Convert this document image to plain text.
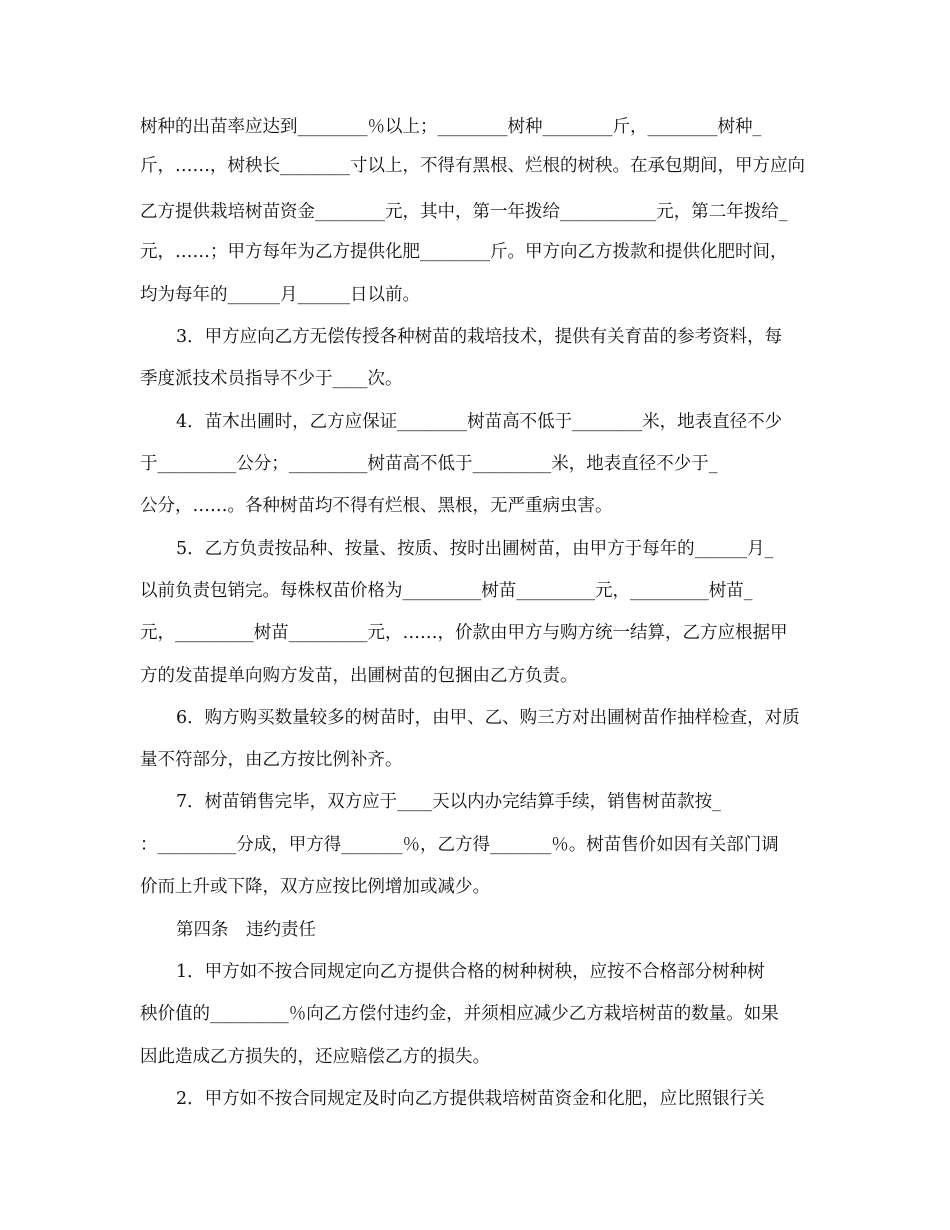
树种的出苗率应达到________％以上；________树种________斤，________树种_

斤，……，树秧长________寸以上，不得有黑根、烂根的树秧。在承包期间，甲方应向

乙方提供栽培树苗资金________元，其中，第一年拨给___________元，第二年拨给_

元，……；甲方每年为乙方提供化肥________斤。甲方向乙方拨款和提供化肥时间，

均为每年的______月______日以前。

3．甲方应向乙方无偿传授各种树苗的栽培技术，提供有关育苗的参考资料，每

季度派技术员指导不少于____次。

4．苗木出圃时，乙方应保证________树苗高不低于________米，地表直径不少

于_________公分；_________树苗高不低于_________米，地表直径不少于_

公分，……。各种树苗均不得有烂根、黑根，无严重病虫害。

5．乙方负责按品种、按量、按质、按时出圃树苗，由甲方于每年的______月_

以前负责包销完。每株权苗价格为_________树苗_________元，_________树苗_

元，_________树苗_________元，……，价款由甲方与购方统一结算，乙方应根据甲

方的发苗提单向购方发苗，出圃树苗的包捆由乙方负责。

6．购方购买数量较多的树苗时，由甲、乙、购三方对出圃树苗作抽样检查，对质

量不符部分，由乙方按比例补齐。

7．树苗销售完毕，双方应于____天以内办完结算手续，销售树苗款按_

：_________分成，甲方得_______％，乙方得_______％。树苗售价如因有关部门调

价而上升或下降，双方应按比例增加或减少。

第四条　违约责任

1．甲方如不按合同规定向乙方提供合格的树种树秧，应按不合格部分树种树

秧价值的_________％向乙方偿付违约金，并须相应减少乙方栽培树苗的数量。如果

因此造成乙方损失的，还应赔偿乙方的损失。

2．甲方如不按合同规定及时向乙方提供栽培树苗资金和化肥，应比照银行关
